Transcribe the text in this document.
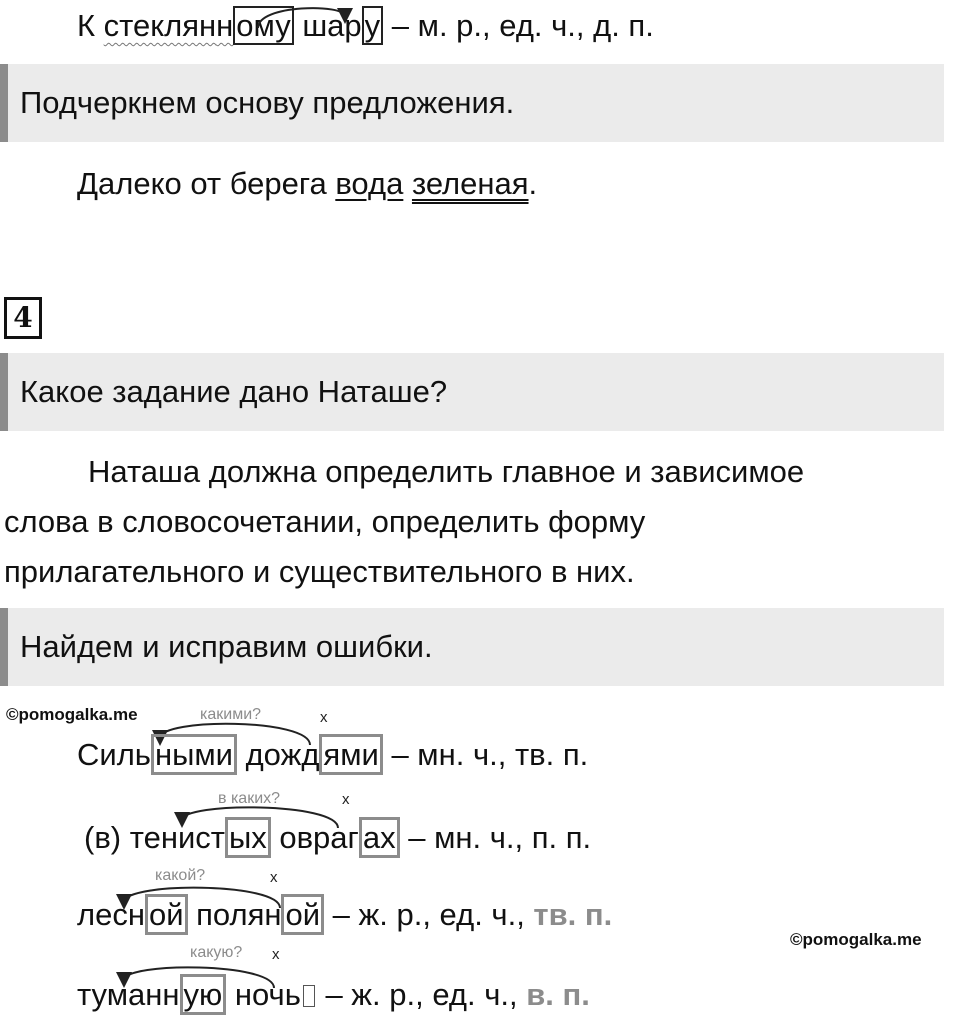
К стеклянному шару – м. р., ед. ч., д. п.
Подчеркнем основу предложения.
Далеко от берега вода зеленая.
4
Какое задание дано Наташе?
Наташа должна определить главное и зависимое
слова в словосочетании, определить форму
прилагательного и существительного в них.
Найдем и исправим ошибки.
©pomogalka.me
©pomogalka.me
какими?	х
Силь ными дожд ями – мн. ч., тв. п.
в каких?	х
(в) тенист ых овраг ах – мн. ч., п. п.
какой?	х
лесн ой полян ой – ж. р., ед. ч., тв. п.
какую? х
туманн ую ночь – ж. р., ед. ч., в. п.
